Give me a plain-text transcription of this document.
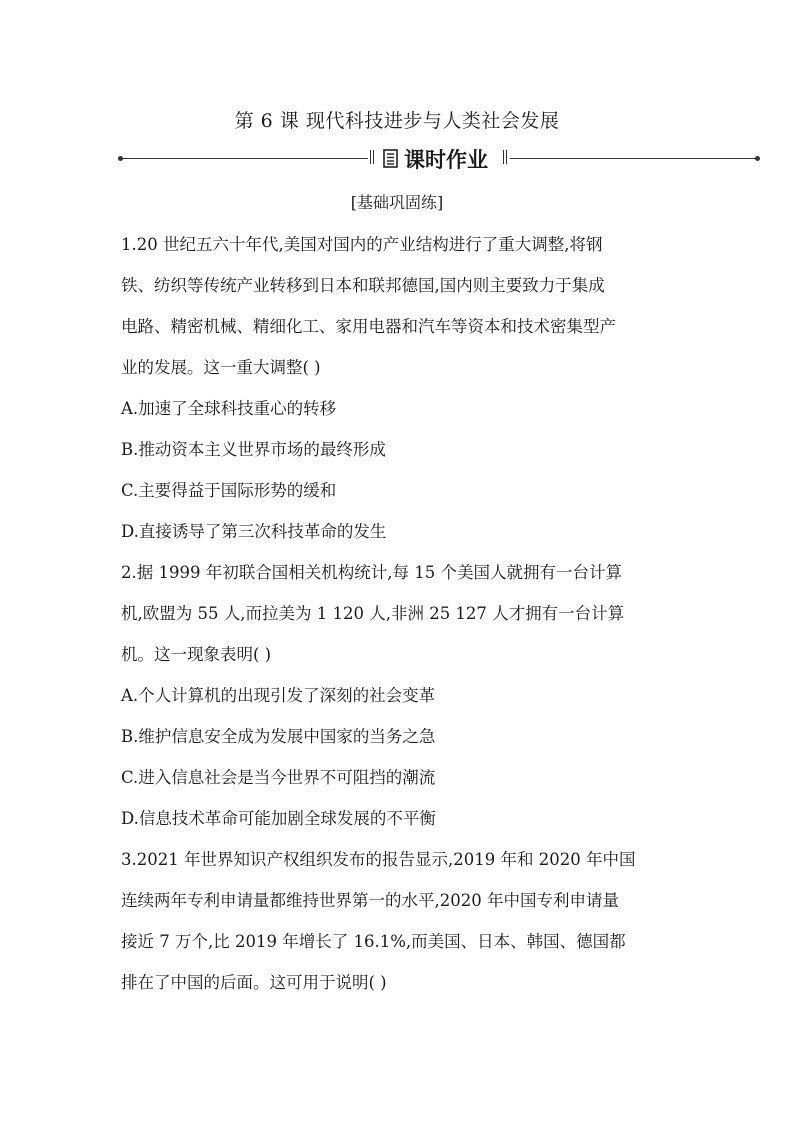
第 6 课 现代科技进步与人类社会发展
课时作业
[基础巩固练]
1.20 世纪五六十年代,美国对国内的产业结构进行了重大调整,将钢
铁、纺织等传统产业转移到日本和联邦德国,国内则主要致力于集成
电路、精密机械、精细化工、家用电器和汽车等资本和技术密集型产
业的发展。这一重大调整( )
A.加速了全球科技重心的转移
B.推动资本主义世界市场的最终形成
C.主要得益于国际形势的缓和
D.直接诱导了第三次科技革命的发生
2.据 1999 年初联合国相关机构统计,每 15 个美国人就拥有一台计算
机,欧盟为 55 人,而拉美为 1 120 人,非洲 25 127 人才拥有一台计算
机。这一现象表明( )
A.个人计算机的出现引发了深刻的社会变革
B.维护信息安全成为发展中国家的当务之急
C.进入信息社会是当今世界不可阻挡的潮流
D.信息技术革命可能加剧全球发展的不平衡
3.2021 年世界知识产权组织发布的报告显示,2019 年和 2020 年中国
连续两年专利申请量都维持世界第一的水平,2020 年中国专利申请量
接近 7 万个,比 2019 年增长了 16.1%,而美国、日本、韩国、德国都
排在了中国的后面。这可用于说明( )
